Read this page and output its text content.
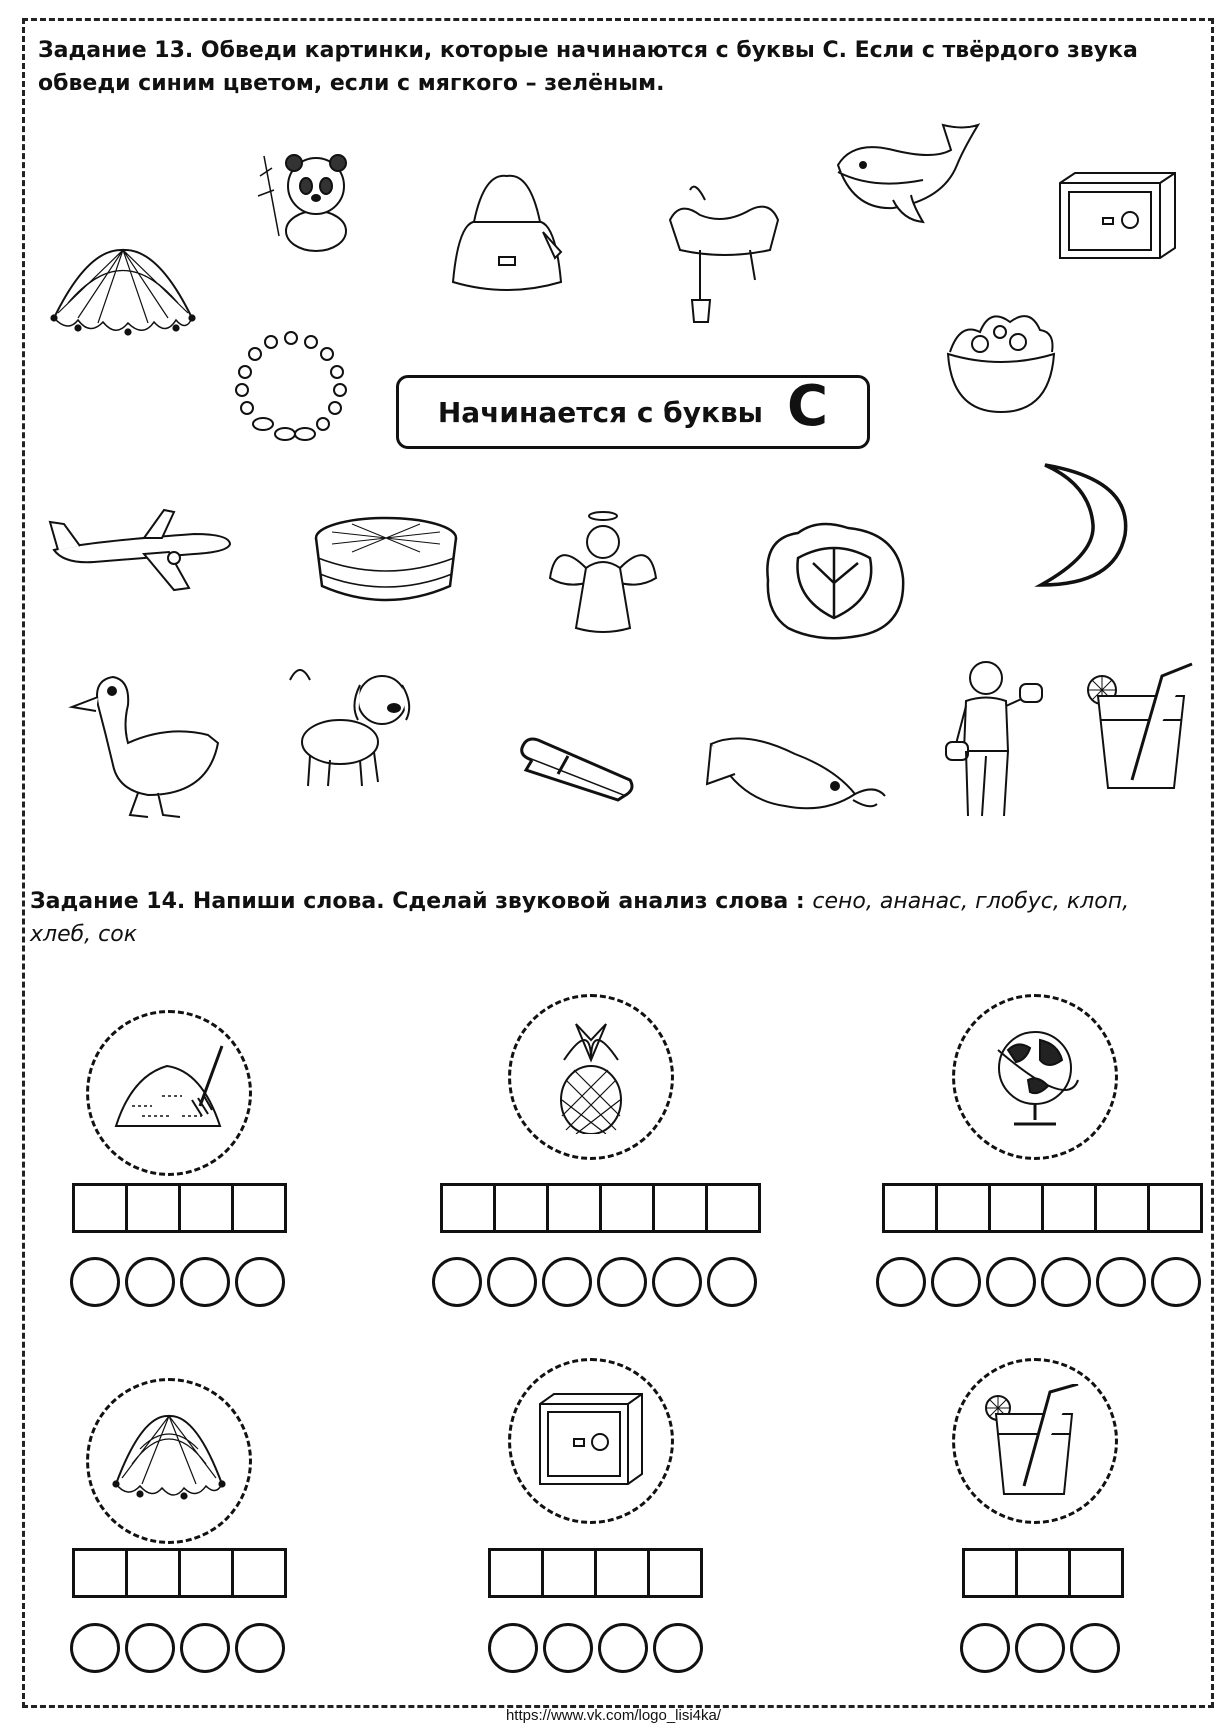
Задание 13. Обведи картинки, которые начинаются с буквы С. Если с твёрдого звука обведи синим цветом, если с мягкого – зелёным.
Начинается с буквы С
Задание 14. Напиши слова. Сделай звуковой анализ слова : сено, ананас, глобус, клоп, хлеб, сок
https://www.vk.com/logo_lisi4ka/
